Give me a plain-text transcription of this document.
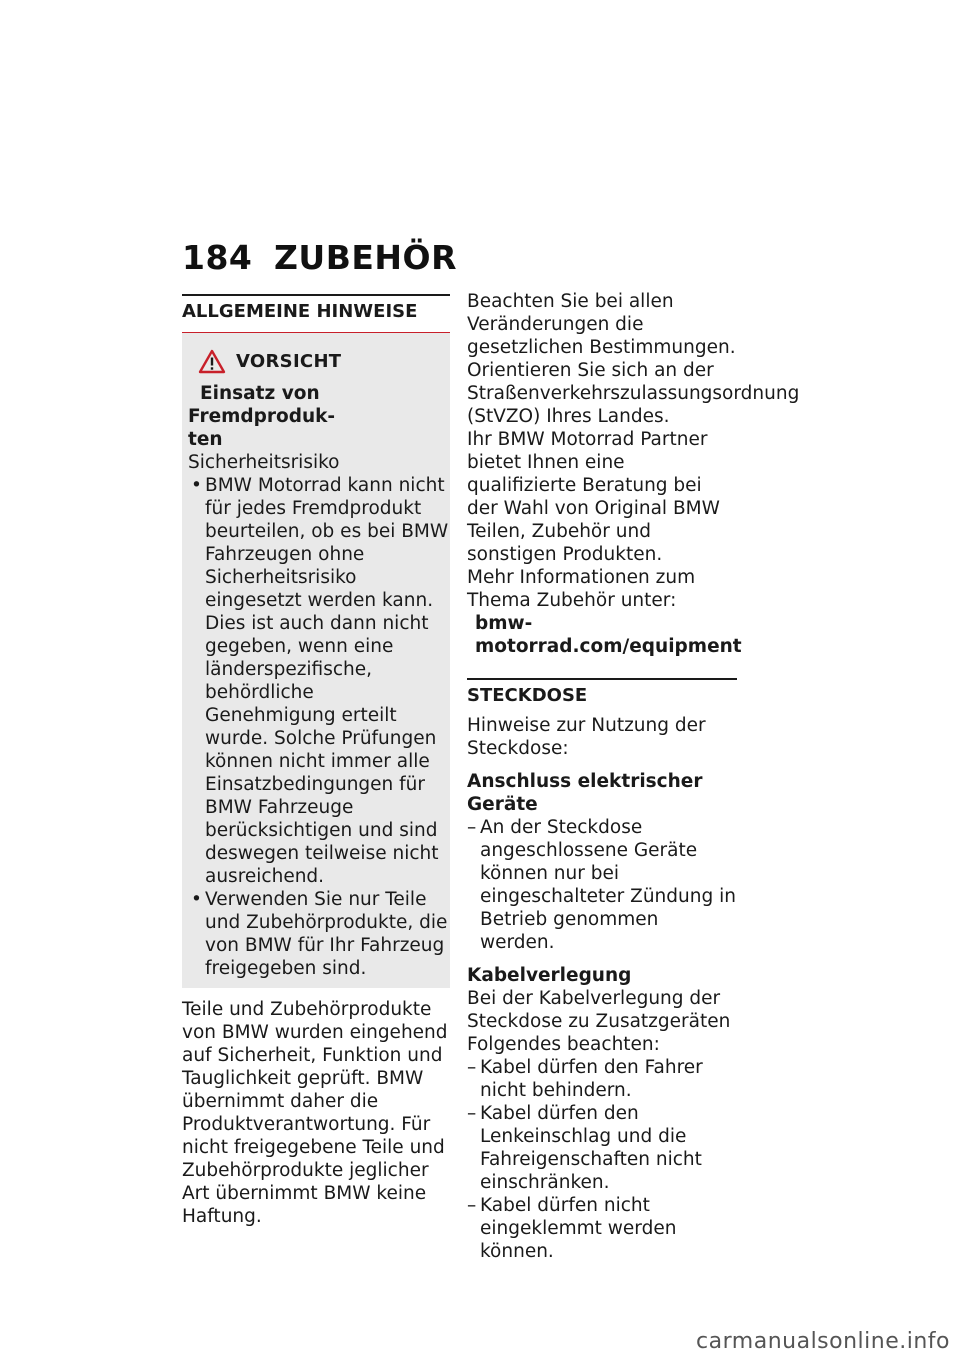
184 ZUBEHÖR
ALLGEMEINE HINWEISE
VORSICHT

Einsatz von Fremdproduk-
ten

Sicherheitsrisiko

• BMW Motorrad kann nicht für jedes Fremdprodukt beurteilen, ob es bei BMW Fahrzeugen ohne Sicherheitsrisiko eingesetzt werden kann. Dies ist auch dann nicht gegeben, wenn eine länderspezifische, behördliche Genehmigung erteilt wurde. Solche Prüfungen können nicht immer alle Einsatzbedingungen für BMW Fahrzeuge berücksichtigen und sind deswegen teilweise nicht ausreichend.
• Verwenden Sie nur Teile und Zubehörprodukte, die von BMW für Ihr Fahrzeug freigegeben sind.

Teile und Zubehörprodukte von BMW wurden eingehend auf Sicherheit, Funktion und Tauglichkeit geprüft. BMW übernimmt daher die Produktverantwortung. Für nicht freigegebene Teile und Zubehörprodukte jeglicher Art übernimmt BMW keine Haftung.

Beachten Sie bei allen Veränderungen die gesetzlichen Bestimmungen. Orientieren Sie sich an der Straßenverkehrszulassungsordnung (StVZO) Ihres Landes.

Ihr BMW Motorrad Partner bietet Ihnen eine qualifizierte Beratung bei der Wahl von Original BMW Teilen, Zubehör und sonstigen Produkten.

Mehr Informationen zum Thema Zubehör unter:

bmw-motorrad.com/equipment

STECKDOSE

Hinweise zur Nutzung der Steckdose:

Anschluss elektrischer Geräte

– An der Steckdose angeschlossene Geräte können nur bei eingeschalteter Zündung in Betrieb genommen werden.

Kabelverlegung

Bei der Kabelverlegung der Steckdose zu Zusatzgeräten Folgendes beachten:

– Kabel dürfen den Fahrer nicht behindern.
– Kabel dürfen den Lenkeinschlag und die Fahreigenschaften nicht einschränken.
– Kabel dürfen nicht eingeklemmt werden können.
carmanualsonline.info
